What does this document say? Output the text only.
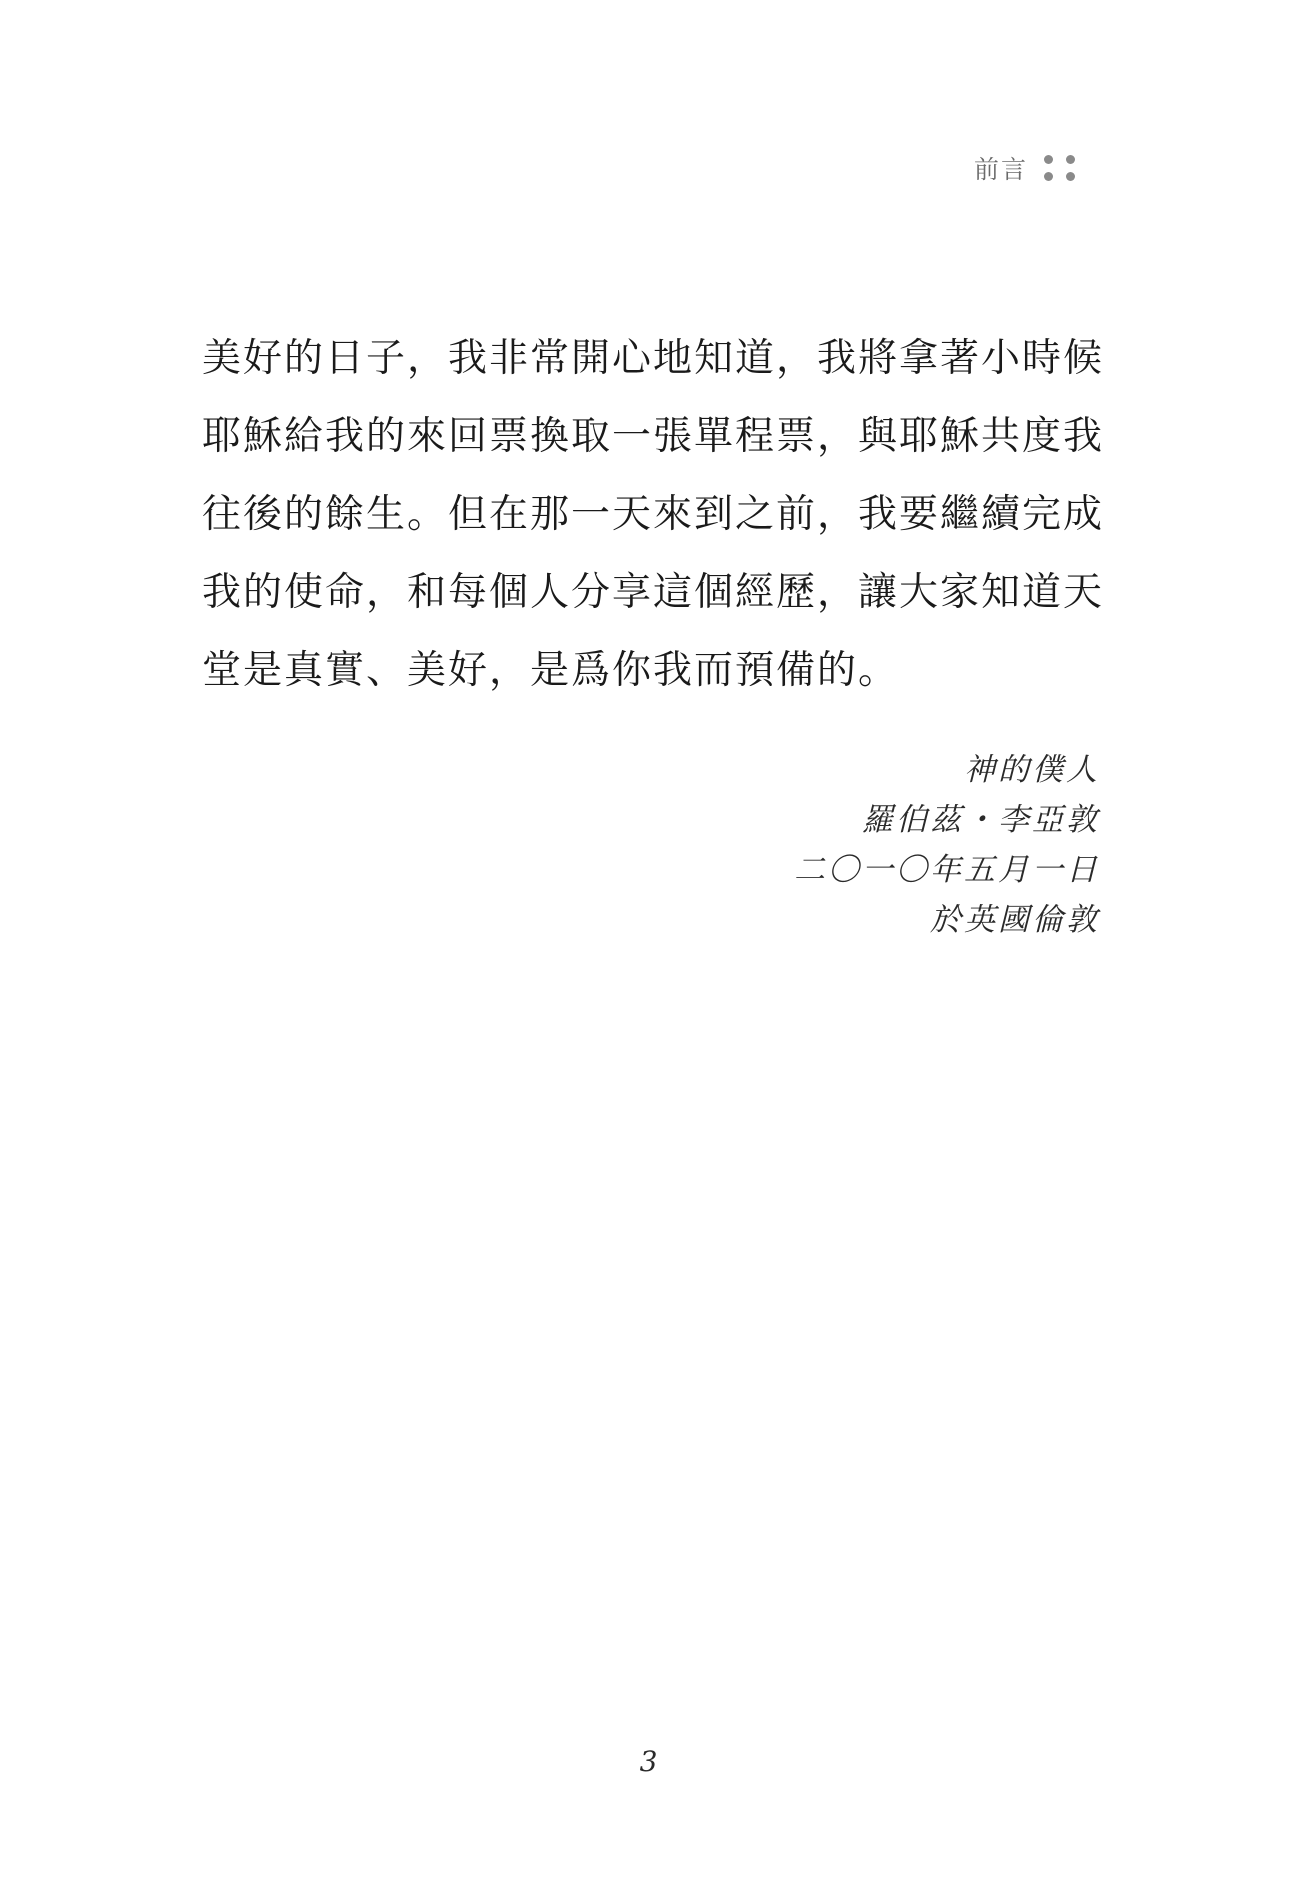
前言
美好的日子，我非常開心地知道，我將拿著小時候
耶穌給我的來回票換取一張單程票，與耶穌共度我
往後的餘生。但在那一天來到之前，我要繼續完成
我的使命，和每個人分享這個經歷，讓大家知道天
堂是真實、美好，是爲你我而預備的。
神的僕人
羅伯茲・李亞敦
二〇一〇年五月一日
於英國倫敦
3
